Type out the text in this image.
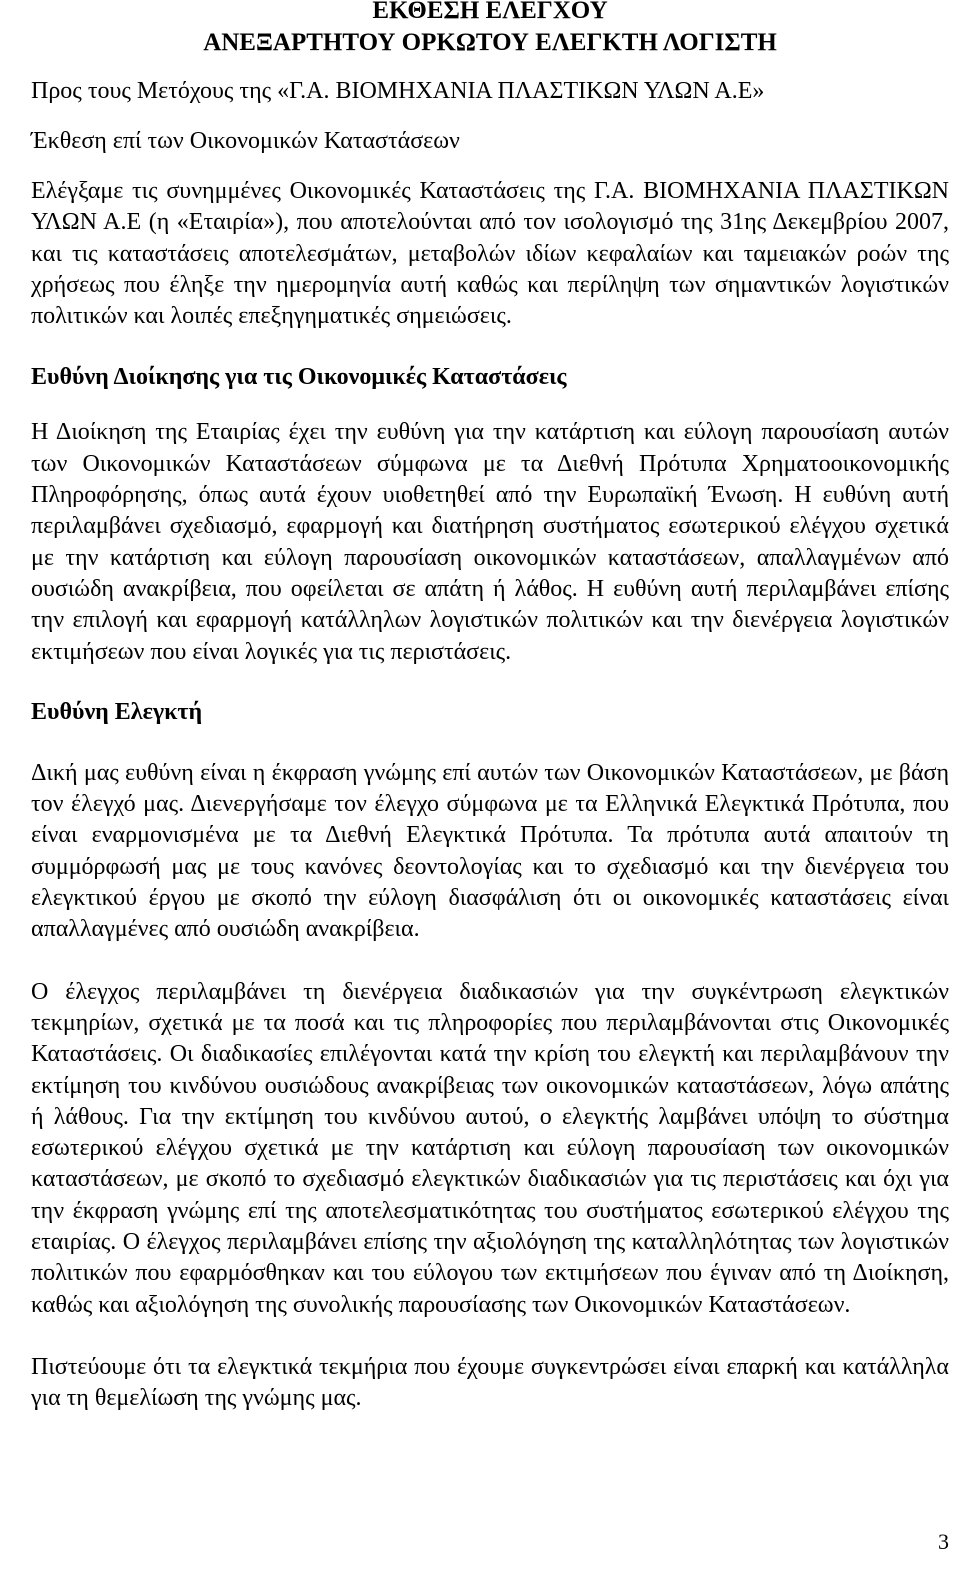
ΕΚΘΕΣΗ ΕΛΕΓΧΟΥ

ΑΝΕΞΑΡΤΗΤΟΥ ΟΡΚΩΤΟΥ ΕΛΕΓΚΤΗ ΛΟΓΙΣΤΗ

Προς τους Μετόχους της «Γ.Α. ΒΙΟΜΗΧΑΝΙΑ ΠΛΑΣΤΙΚΩΝ ΥΛΩΝ Α.Ε»

Έκθεση επί των Οικονομικών Καταστάσεων

Ελέγξαμε τις συνημμένες Οικονομικές Καταστάσεις της Γ.Α. ΒΙΟΜΗΧΑΝΙΑ ΠΛΑΣΤΙΚΩΝ ΥΛΩΝ Α.Ε (η «Εταιρία»), που αποτελούνται από τον ισολογισμό της 31ης Δεκεμβρίου 2007, και τις καταστάσεις αποτελεσμάτων, μεταβολών ιδίων κεφαλαίων και ταμειακών ροών της χρήσεως που έληξε την ημερομηνία αυτή καθώς και περίληψη των σημαντικών λογιστικών πολιτικών και λοιπές επεξηγηματικές σημειώσεις.

Ευθύνη Διοίκησης για τις Οικονομικές Καταστάσεις

Η Διοίκηση της Εταιρίας έχει την ευθύνη για την κατάρτιση και εύλογη παρουσίαση αυτών των Οικονομικών Καταστάσεων σύμφωνα με τα Διεθνή Πρότυπα Χρηματοοικονομικής Πληροφόρησης, όπως αυτά έχουν υιοθετηθεί από την Ευρωπαϊκή Ένωση. Η ευθύνη αυτή περιλαμβάνει σχεδιασμό, εφαρμογή και διατήρηση συστήματος εσωτερικού ελέγχου σχετικά με την κατάρτιση και εύλογη παρουσίαση οικονομικών καταστάσεων, απαλλαγμένων από ουσιώδη ανακρίβεια, που οφείλεται σε απάτη ή λάθος. Η ευθύνη αυτή περιλαμβάνει επίσης την επιλογή και εφαρμογή κατάλληλων λογιστικών πολιτικών και την διενέργεια λογιστικών εκτιμήσεων που είναι λογικές για τις περιστάσεις.

Ευθύνη Ελεγκτή

Δική μας ευθύνη είναι η έκφραση γνώμης επί αυτών των Οικονομικών Καταστάσεων, με βάση τον έλεγχό μας. Διενεργήσαμε τον έλεγχο σύμφωνα με τα Ελληνικά Ελεγκτικά Πρότυπα, που είναι εναρμονισμένα με τα Διεθνή Ελεγκτικά Πρότυπα. Τα πρότυπα αυτά απαιτούν τη συμμόρφωσή μας με τους κανόνες δεοντολογίας και το σχεδιασμό και την διενέργεια του ελεγκτικού έργου με σκοπό την εύλογη διασφάλιση ότι οι οικονομικές καταστάσεις είναι απαλλαγμένες από ουσιώδη ανακρίβεια.

Ο έλεγχος περιλαμβάνει τη διενέργεια διαδικασιών για την συγκέντρωση ελεγκτικών τεκμηρίων, σχετικά με τα ποσά και τις πληροφορίες που περιλαμβάνονται στις Οικονομικές Καταστάσεις. Οι διαδικασίες επιλέγονται κατά την κρίση του ελεγκτή και περιλαμβάνουν την εκτίμηση του κινδύνου ουσιώδους ανακρίβειας των οικονομικών καταστάσεων, λόγω απάτης ή λάθους. Για την εκτίμηση του κινδύνου αυτού, ο ελεγκτής λαμβάνει υπόψη το σύστημα εσωτερικού ελέγχου σχετικά με την κατάρτιση και εύλογη παρουσίαση των οικονομικών καταστάσεων, με σκοπό το σχεδιασμό ελεγκτικών διαδικασιών για τις περιστάσεις και όχι για την έκφραση γνώμης επί της αποτελεσματικότητας του συστήματος εσωτερικού ελέγχου της εταιρίας. Ο έλεγχος περιλαμβάνει επίσης την αξιολόγηση της καταλληλότητας των λογιστικών πολιτικών που εφαρμόσθηκαν και του εύλογου των εκτιμήσεων που έγιναν από τη Διοίκηση, καθώς και αξιολόγηση της συνολικής παρουσίασης των Οικονομικών Καταστάσεων.

Πιστεύουμε ότι τα ελεγκτικά τεκμήρια που έχουμε συγκεντρώσει είναι επαρκή και κατάλληλα για τη θεμελίωση της γνώμης μας.

3
